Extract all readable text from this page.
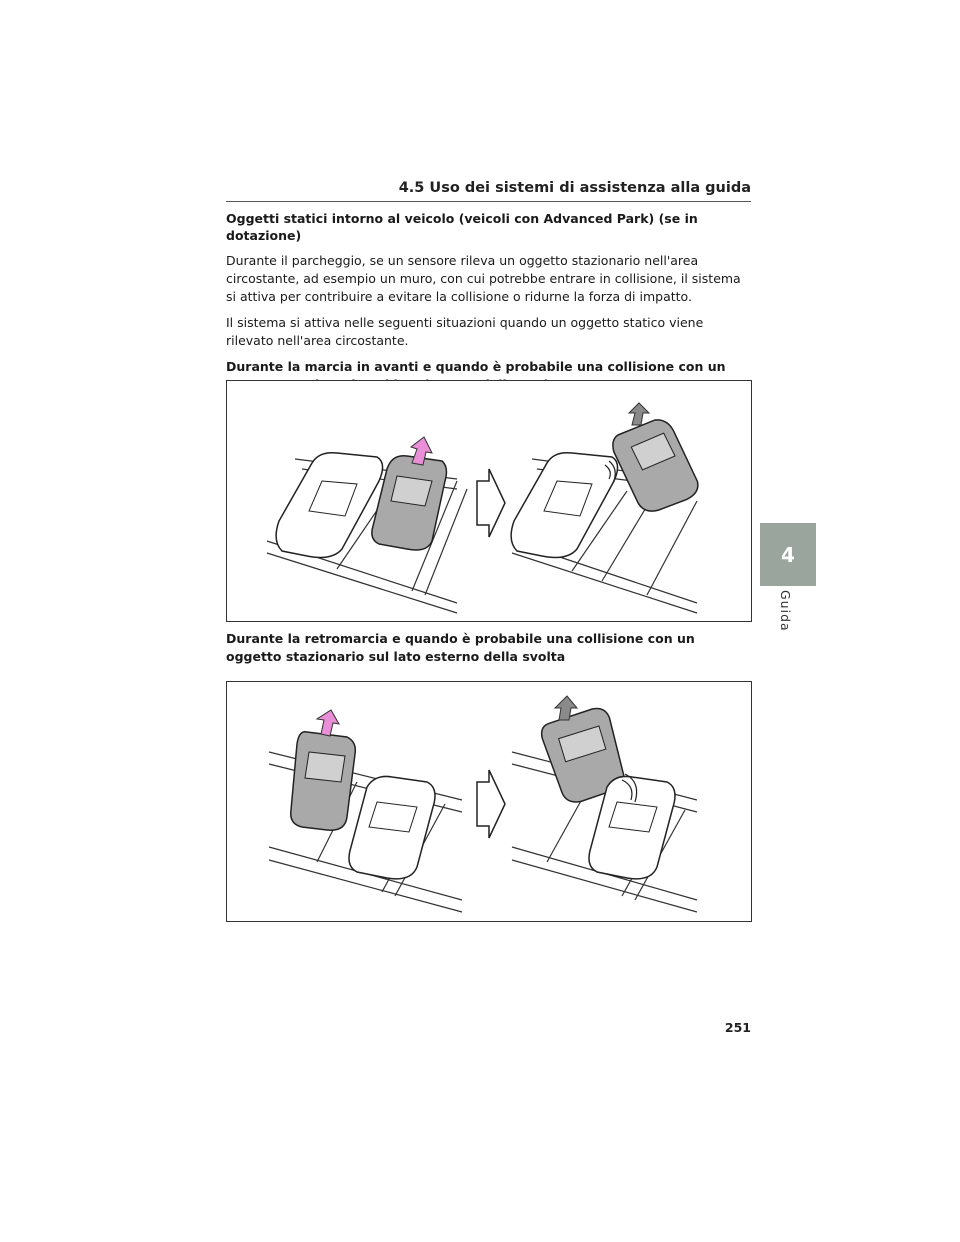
4.5 Uso dei sistemi di assistenza alla guida

Oggetti statici intorno al veicolo (veicoli con Advanced Park) (se in dotazione)

Durante il parcheggio, se un sensore rileva un oggetto stazionario nell'area circostante, ad esempio un muro, con cui potrebbe entrare in collisione, il sistema si attiva per contribuire a evitare la collisione o ridurne la forza di impatto.

Il sistema si attiva nelle seguenti situazioni quando un oggetto statico viene rilevato nell'area circostante.

Durante la marcia in avanti e quando è probabile una collisione con un

Durante la retromarcia e quando è probabile una collisione con un oggetto stazionario sul lato esterno della svolta

4
Guida
251
